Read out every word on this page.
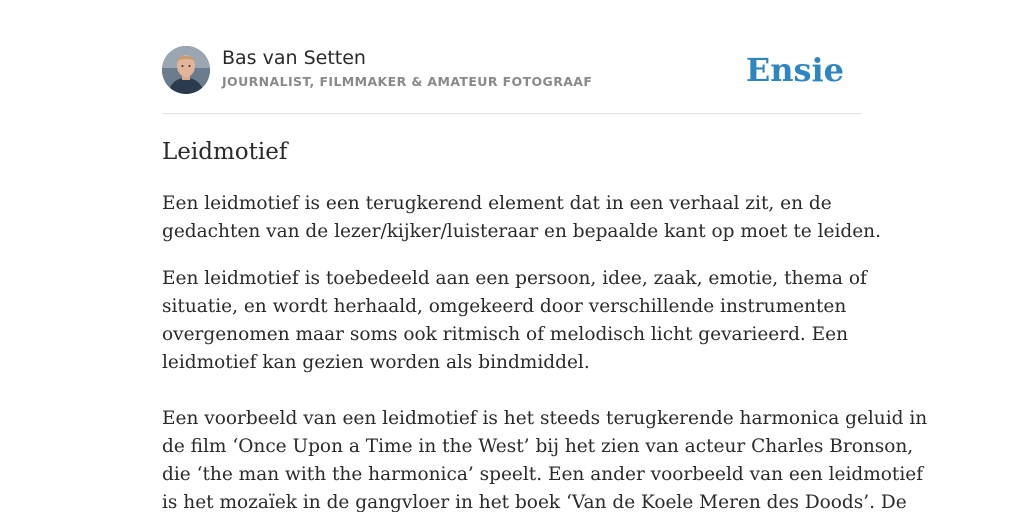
Bas van Setten
JOURNALIST, FILMMAKER & AMATEUR FOTOGRAAF	Ensie
Leidmotief

Een leidmotief is een terugkerend element dat in een verhaal zit, en de
gedachten van de lezer/kijker/luisteraar en bepaalde kant op moet te leiden.

Een leidmotief is toebedeeld aan een persoon, idee, zaak, emotie, thema of
situatie, en wordt herhaald, omgekeerd door verschillende instrumenten
overgenomen maar soms ook ritmisch of melodisch licht gevarieerd. Een
leidmotief kan gezien worden als bindmiddel.

Een voorbeeld van een leidmotief is het steeds terugkerende harmonica geluid in
de film ‘Once Upon a Time in the West’ bij het zien van acteur Charles Bronson,
die ‘the man with the harmonica’ speelt. Een ander voorbeeld van een leidmotief
is het mozaïek in de gangvloer in het boek ‘Van de Koele Meren des Doods’. De
